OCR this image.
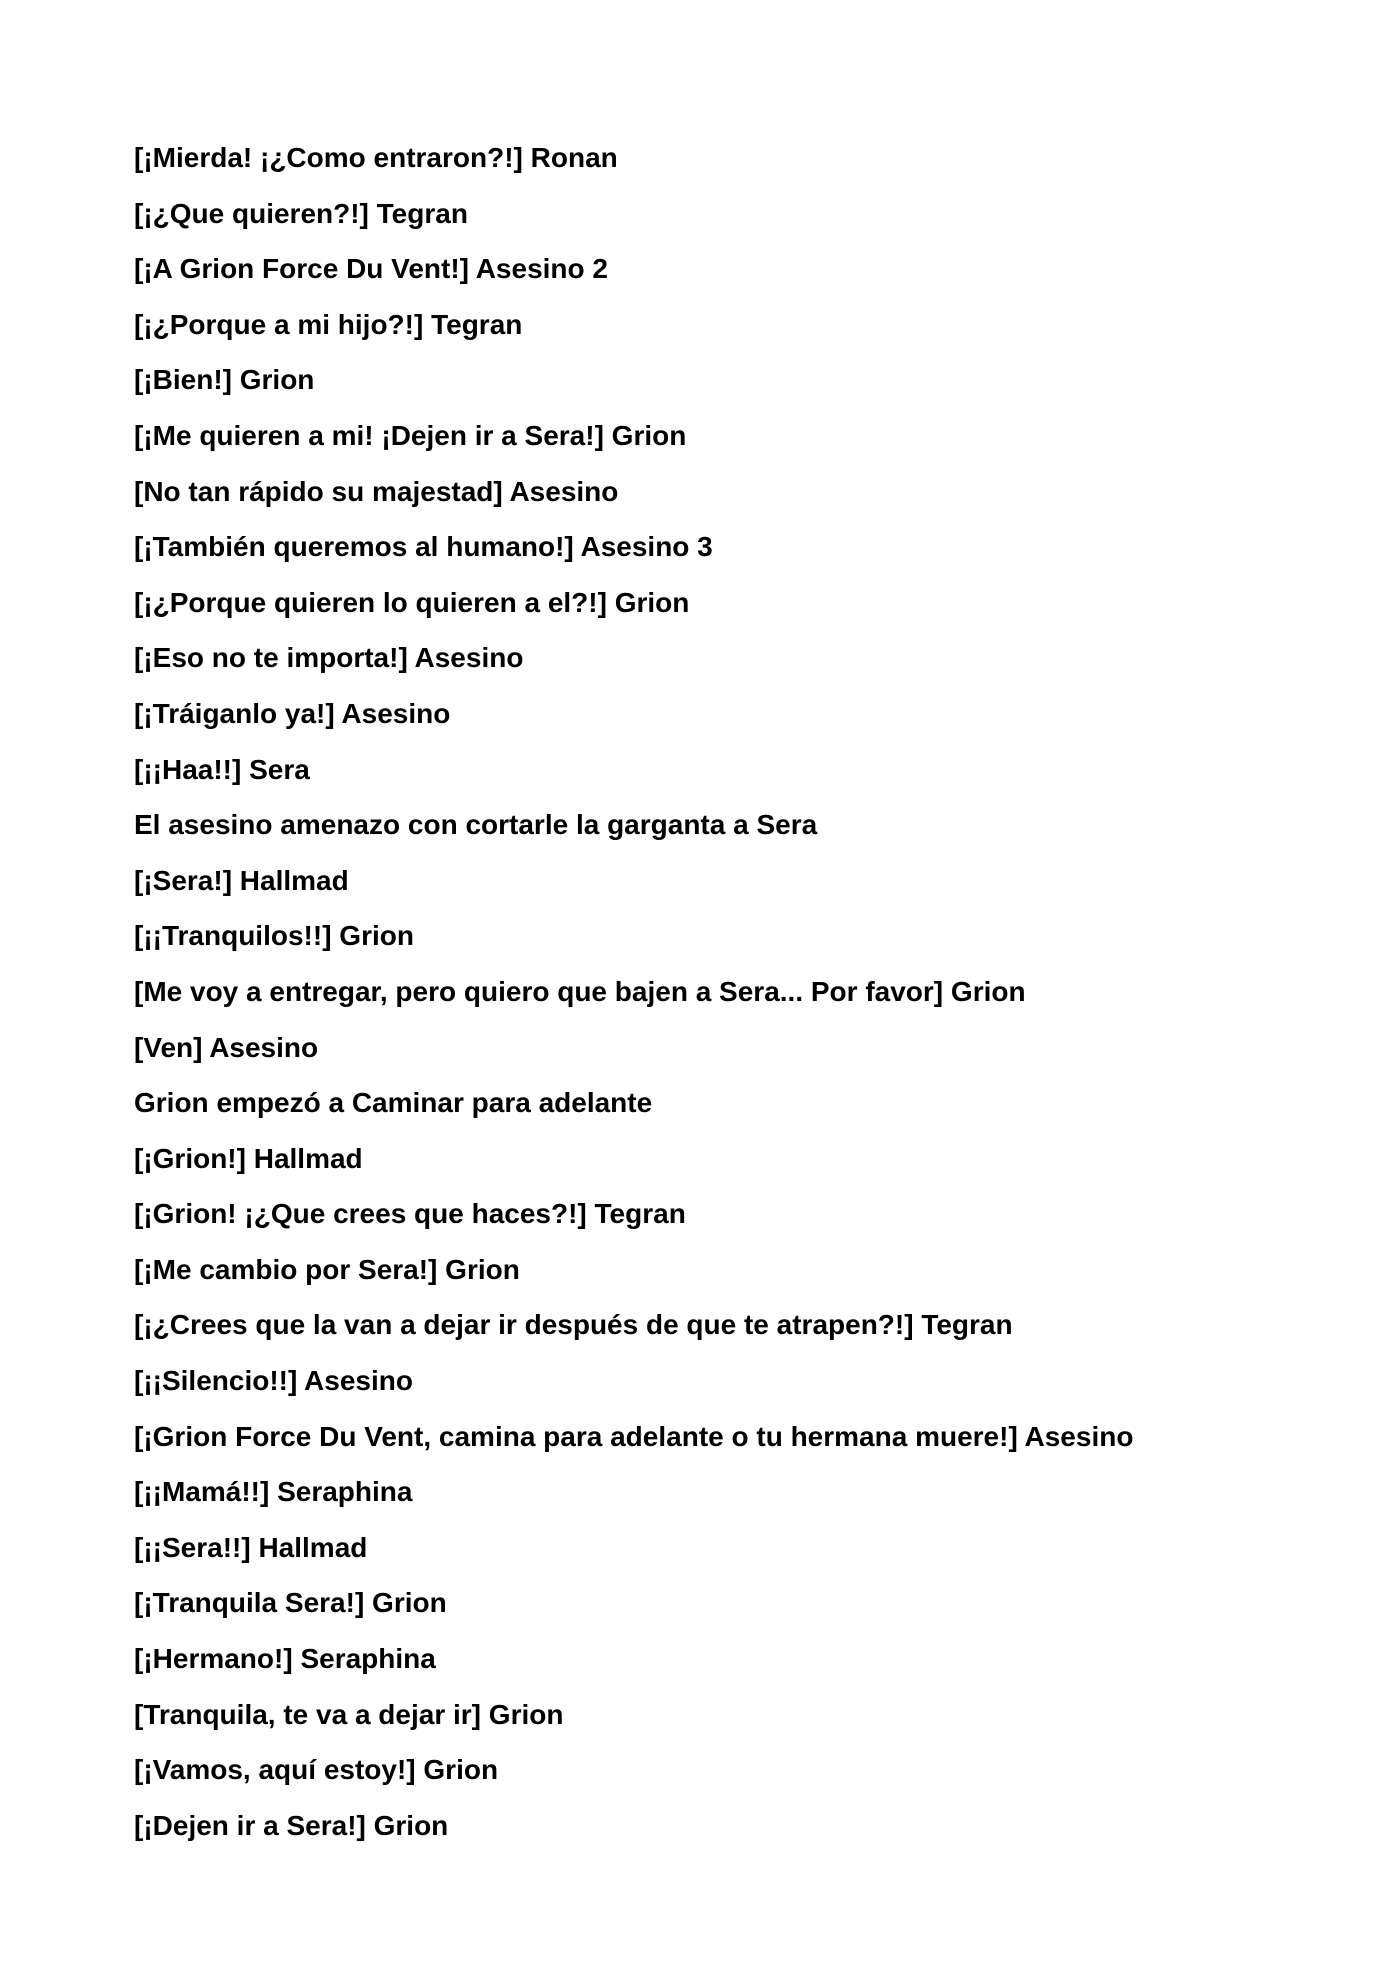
[¡Mierda! ¡¿Como entraron?!] Ronan
[¡¿Que quieren?!] Tegran
[¡A Grion Force Du Vent!] Asesino 2
[¡¿Porque a mi hijo?!] Tegran
[¡Bien!] Grion
[¡Me quieren a mi! ¡Dejen ir a Sera!] Grion
[No tan rápido su majestad] Asesino
[¡También queremos al humano!] Asesino 3
[¡¿Porque quieren lo quieren a el?!] Grion
[¡Eso no te importa!] Asesino
[¡Tráiganlo ya!] Asesino
[¡¡Haa!!] Sera
El asesino amenazo con cortarle la garganta a Sera
[¡Sera!] Hallmad
[¡¡Tranquilos!!] Grion
[Me voy a entregar, pero quiero que bajen a Sera... Por favor] Grion
[Ven] Asesino
Grion empezó a Caminar para adelante
[¡Grion!] Hallmad
[¡Grion! ¡¿Que crees que haces?!] Tegran
[¡Me cambio por Sera!] Grion
[¡¿Crees que la van a dejar ir después de que te atrapen?!] Tegran
[¡¡Silencio!!] Asesino
[¡Grion Force Du Vent, camina para adelante o tu hermana muere!] Asesino
[¡¡Mamá!!] Seraphina
[¡¡Sera!!] Hallmad
[¡Tranquila Sera!] Grion
[¡Hermano!] Seraphina
[Tranquila, te va a dejar ir] Grion
[¡Vamos, aquí estoy!] Grion
[¡Dejen ir a Sera!] Grion
